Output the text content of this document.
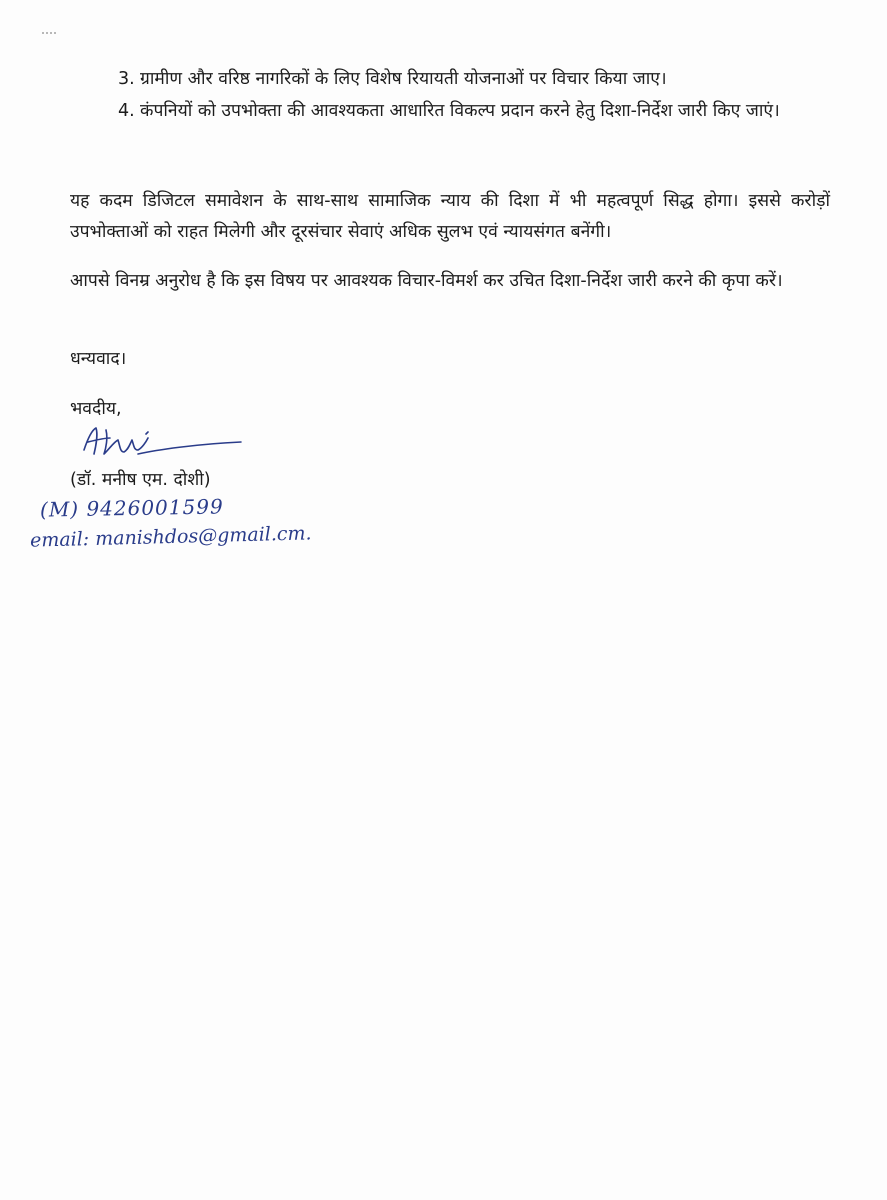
3. ग्रामीण और वरिष्ठ नागरिकों के लिए विशेष रियायती योजनाओं पर विचार किया जाए।
4. कंपनियों को उपभोक्ता की आवश्यकता आधारित विकल्प प्रदान करने हेतु दिशा-निर्देश जारी किए जाएं।
यह कदम डिजिटल समावेशन के साथ-साथ सामाजिक न्याय की दिशा में भी महत्वपूर्ण सिद्ध होगा। इससे करोड़ों उपभोक्ताओं को राहत मिलेगी और दूरसंचार सेवाएं अधिक सुलभ एवं न्यायसंगत बनेंगी।
आपसे विनम्र अनुरोध है कि इस विषय पर आवश्यक विचार-विमर्श कर उचित दिशा-निर्देश जारी करने की कृपा करें।
धन्यवाद।
भवदीय,
(डॉ. मनीष एम. दोशी)
(M) 9426001599
email: manishdos@gmail.cm.
